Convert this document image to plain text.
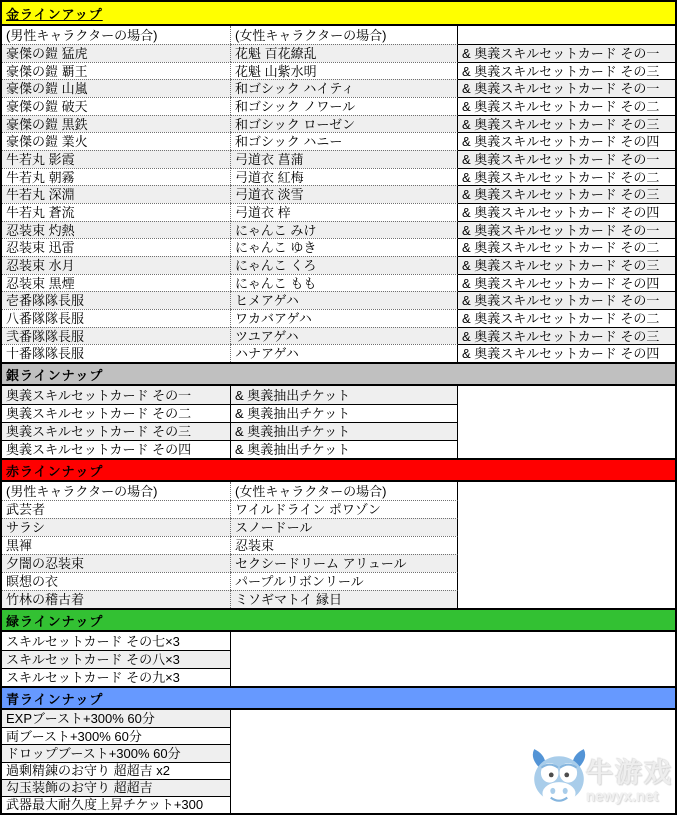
金ラインアップ
(男性キャラクターの場合)	(女性キャラクターの場合)
豪傑の鎧 猛虎	花魁 百花繚乱	& 奥義スキルセットカード その一
豪傑の鎧 覇王	花魁 山紫水明	& 奥義スキルセットカード その三
豪傑の鎧 山嵐	和ゴシック ハイティ	& 奥義スキルセットカード その一
豪傑の鎧 破天	和ゴシック ノワール	& 奥義スキルセットカード その二
豪傑の鎧 黒鉄	和ゴシック ローゼン	& 奥義スキルセットカード その三
豪傑の鎧 業火	和ゴシック ハニー	& 奥義スキルセットカード その四
牛若丸 影霞	弓道衣 菖蒲	& 奥義スキルセットカード その一
牛若丸 朝霧	弓道衣 紅梅	& 奥義スキルセットカード その二
牛若丸 深淵	弓道衣 淡雪	& 奥義スキルセットカード その三
牛若丸 蒼流	弓道衣 梓	& 奥義スキルセットカード その四
忍装束 灼熱	にゃんこ みけ	& 奥義スキルセットカード その一
忍装束 迅雷	にゃんこ ゆき	& 奥義スキルセットカード その二
忍装束 水月	にゃんこ くろ	& 奥義スキルセットカード その三
忍装束 黒煙	にゃんこ もも	& 奥義スキルセットカード その四
壱番隊隊長服	ヒメアゲハ	& 奥義スキルセットカード その一
八番隊隊長服	ワカバアゲハ	& 奥義スキルセットカード その二
弐番隊隊長服	ツユアゲハ	& 奥義スキルセットカード その三
十番隊隊長服	ハナアゲハ	& 奥義スキルセットカード その四
銀ラインナップ
奥義スキルセットカード その一	& 奥義抽出チケット
奥義スキルセットカード その二	& 奥義抽出チケット
奥義スキルセットカード その三	& 奥義抽出チケット
奥義スキルセットカード その四	& 奥義抽出チケット
赤ラインナップ
(男性キャラクターの場合)	(女性キャラクターの場合)
武芸者	ワイルドライン ポワゾン
サラシ	スノードール
黒褌	忍装束
夕闇の忍装束	セクシードリーム アリュール
瞑想の衣	パープルリボンリール
竹林の稽古着	ミソギマトイ 縁日
緑ラインナップ
スキルセットカード その七×3
スキルセットカード その八×3
スキルセットカード その九×3
青ラインナップ
EXPブースト+300% 60分
両ブースト+300% 60分
ドロップブースト+300% 60分
過剰精錬のお守り 超超吉 x2
勾玉装飾のお守り 超超吉
武器最大耐久度上昇チケット+300
牛游戏
newyx.net
